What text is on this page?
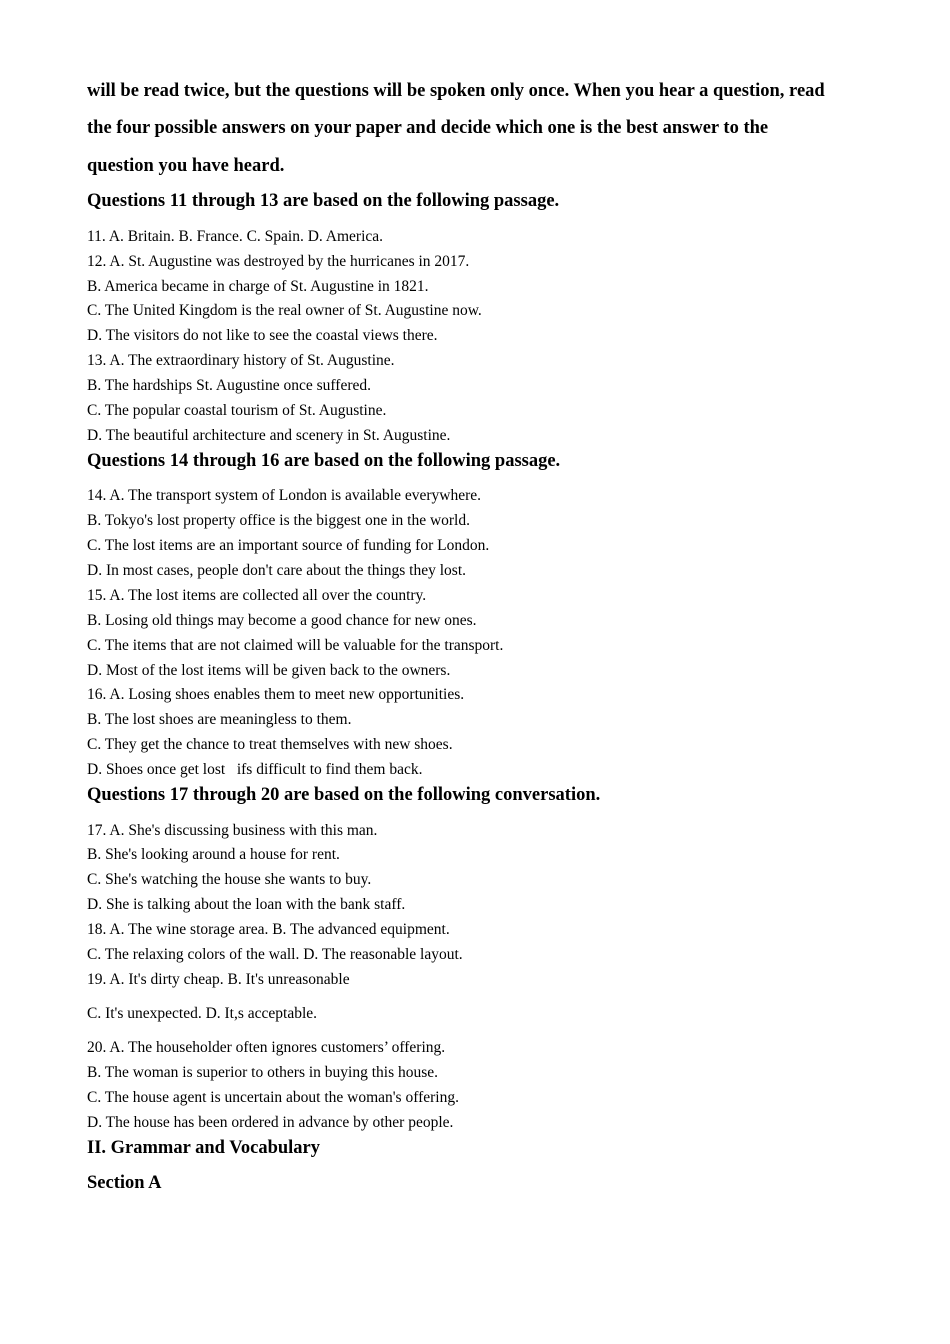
will be read twice, but the questions will be spoken only once. When you hear a question, read
the four possible answers on your paper and decide which one is the best answer to the
question you have heard.
Questions 11 through 13 are based on the following passage.
11. A. Britain. B. France. C. Spain. D. America.
12. A. St. Augustine was destroyed by the hurricanes in 2017.
B. America became in charge of St. Augustine in 1821.
C. The United Kingdom is the real owner of St. Augustine now.
D. The visitors do not like to see the coastal views there.
13. A. The extraordinary history of St. Augustine.
B. The hardships St. Augustine once suffered.
C. The popular coastal tourism of St. Augustine.
D. The beautiful architecture and scenery in St. Augustine.
Questions 14 through 16 are based on the following passage.
14. A. The transport system of London is available everywhere.
B. Tokyo's lost property office is the biggest one in the world.
C. The lost items are an important source of funding for London.
D. In most cases, people don't care about the things they lost.
15. A. The lost items are collected all over the country.
B. Losing old things may become a good chance for new ones.
C. The items that are not claimed will be valuable for the transport.
D. Most of the lost items will be given back to the owners.
16. A. Losing shoes enables them to meet new opportunities.
B. The lost shoes are meaningless to them.
C. They get the chance to treat themselves with new shoes.
D. Shoes once get lost   ifs difficult to find them back.
Questions 17 through 20 are based on the following conversation.
17. A. She's discussing business with this man.
B. She's looking around a house for rent.
C. She's watching the house she wants to buy.
D. She is talking about the loan with the bank staff.
18. A. The wine storage area. B. The advanced equipment.
C. The relaxing colors of the wall. D. The reasonable layout.
19. A. It's dirty cheap. B. It's unreasonable
C. It's unexpected. D. It,s acceptable.
20. A. The householder often ignores customers’ offering.
B. The woman is superior to others in buying this house.
C. The house agent is uncertain about the woman's offering.
D. The house has been ordered in advance by other people.
II. Grammar and Vocabulary
Section A
